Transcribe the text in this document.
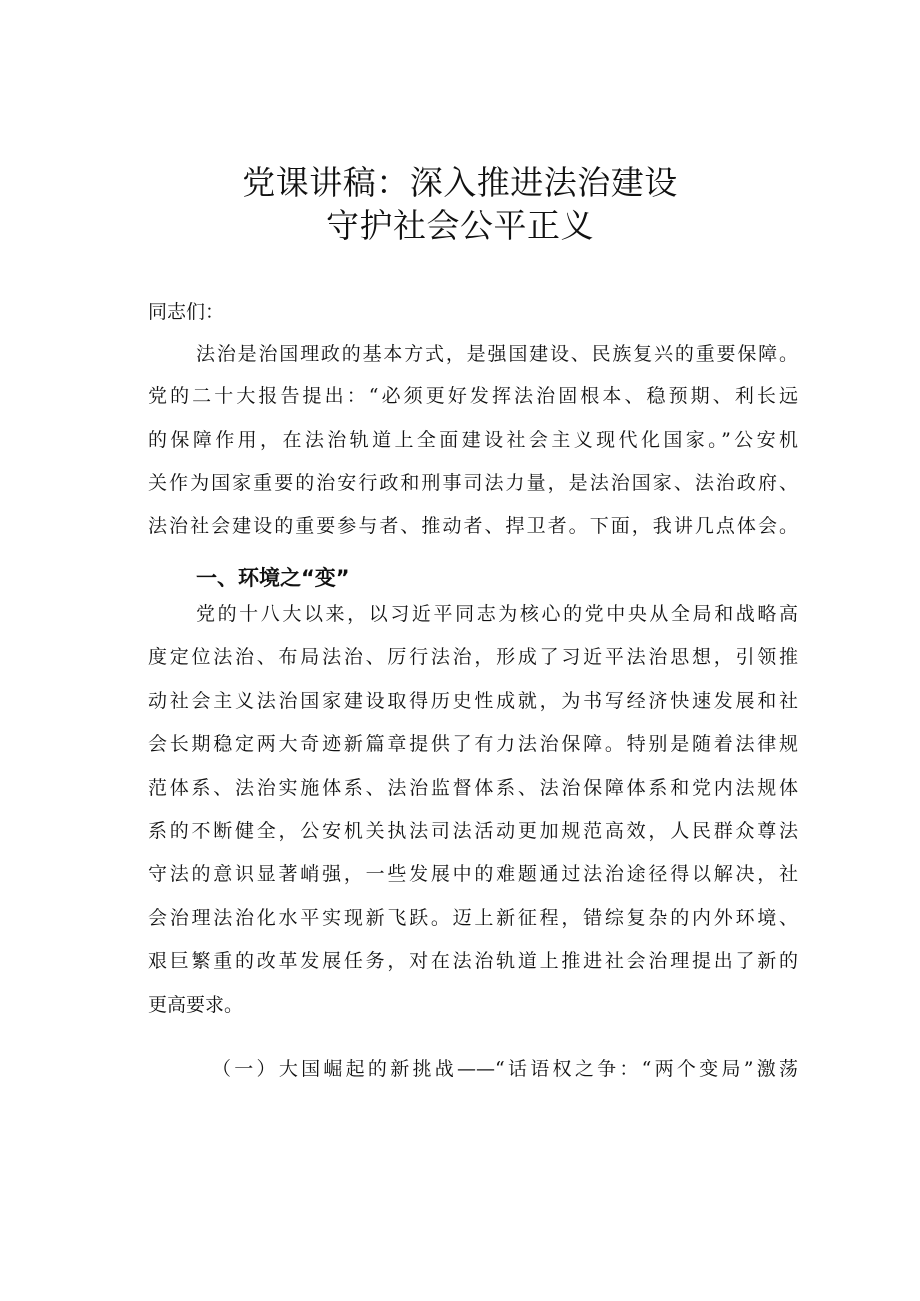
党课讲稿：深入推进法治建设
守护社会公平正义
同志们：
法治是治国理政的基本方式，是强国建设、民族复兴的重要保障。
党的二十大报告提出：“必须更好发挥法治固根本、稳预期、利长远
的保障作用，在法治轨道上全面建设社会主义现代化国家。”公安机
关作为国家重要的治安行政和刑事司法力量，是法治国家、法治政府、
法治社会建设的重要参与者、推动者、捍卫者。下面，我讲几点体会。
一、环境之“变”
党的十八大以来，以习近平同志为核心的党中央从全局和战略高
度定位法治、布局法治、厉行法治，形成了习近平法治思想，引领推
动社会主义法治国家建设取得历史性成就，为书写经济快速发展和社
会长期稳定两大奇迹新篇章提供了有力法治保障。特别是随着法律规
范体系、法治实施体系、法治监督体系、法治保障体系和党内法规体
系的不断健全，公安机关执法司法活动更加规范高效，人民群众尊法
守法的意识显著峭强，一些发展中的难题通过法治途径得以解决，社
会治理法治化水平实现新飞跃。迈上新征程，错综复杂的内外环境、
艰巨繁重的改革发展任务，对在法治轨道上推进社会治理提出了新的
更高要求。
（一）大国崛起的新挑战——“话语权之争：“两个变局”激荡
